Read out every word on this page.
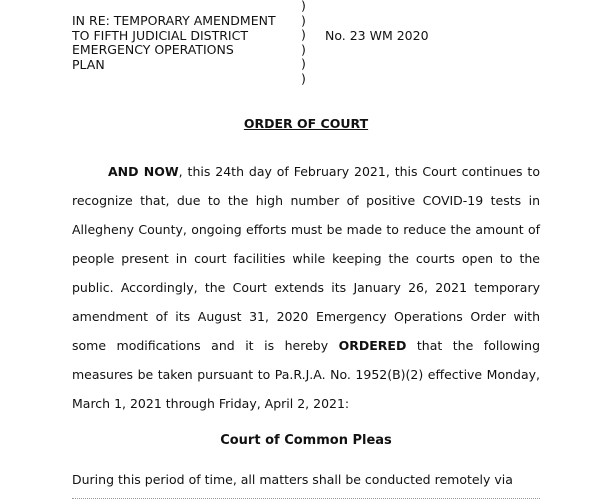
IN RE: TEMPORARY AMENDMENT
TO FIFTH JUDICIAL DISTRICT
EMERGENCY OPERATIONS
PLAN
)
)
)
)
)
)
No. 23 WM 2020
ORDER OF COURT

AND NOW, this 24th day of February 2021, this Court continues to recognize that, due to the high number of positive COVID-19 tests in Allegheny County, ongoing efforts must be made to reduce the amount of people present in court facilities while keeping the courts open to the public. Accordingly, the Court extends its January 26, 2021 temporary amendment of its August 31, 2020 Emergency Operations Order with some modifications and it is hereby ORDERED that the following measures be taken pursuant to Pa.R.J.A. No. 1952(B)(2) effective Monday, March 1, 2021 through Friday, April 2, 2021:

Court of Common Pleas

During this period of time, all matters shall be conducted remotely via
